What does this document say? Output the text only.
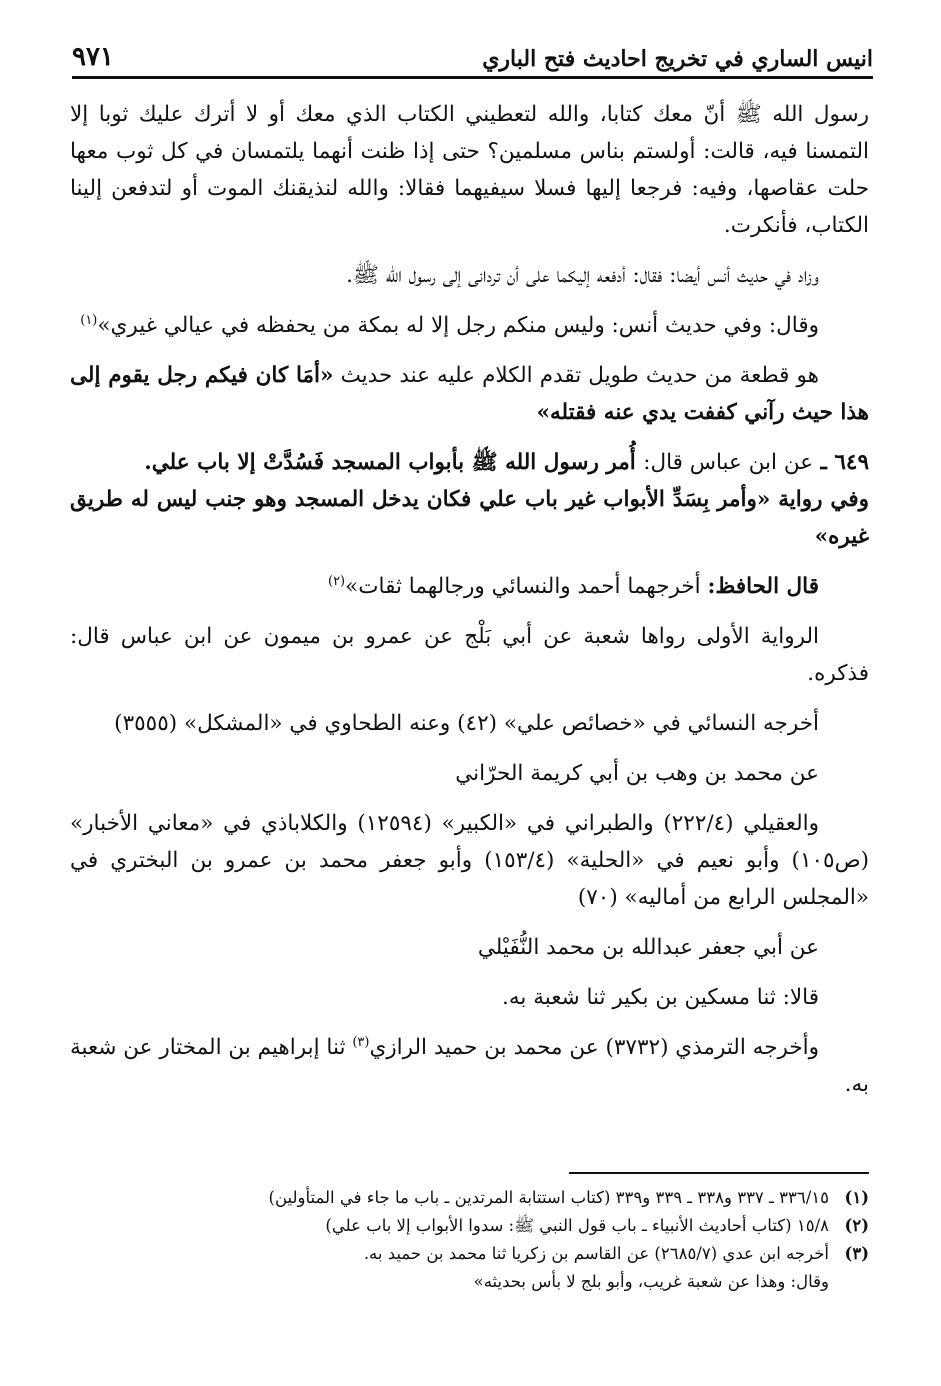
انيس الساري في تخريج احاديث فتح الباري
٩٧١

رسول الله ﷺ أنّ معك كتابا، والله لتعطيني الكتاب الذي معك أو لا أترك عليك ثوبا إلا التمسنا فيه، قالت: أولستم بناس مسلمين؟ حتى إذا ظنت أنهما يلتمسان في كل ثوب معها حلت عقاصها، وفيه: فرجعا إليها فسلا سيفيهما فقالا: والله لنذيقنك الموت أو لتدفعن إلينا الكتاب، فأنكرت.

وزاد في حديث أنس أيضا: فقال: أدفعه إليكما على أن تردانى إلى رسول الله ﷺ.

وقال: وفي حديث أنس: وليس منكم رجل إلا له بمكة من يحفظه في عيالي غيري»$^{(١)}$

هو قطعة من حديث طويل تقدم الكلام عليه عند حديث «أمَا كان فيكم رجل يقوم إلى هذا حيث رآني كففت يدي عنه فقتله»

٦٤٩ ـ عن ابن عباس قال: أُمر رسول الله ﷺ بأبواب المسجد فَسُدَّتْ إلا باب علي.
وفي رواية «وأمر بِسَدِّ الأبواب غير باب علي فكان يدخل المسجد وهو جنب ليس له طريق غيره»

قال الحافظ: أخرجهما أحمد والنسائي ورجالهما ثقات»$^{(٢)}$

الرواية الأولى رواها شعبة عن أبي بَلْج عن عمرو بن ميمون عن ابن عباس قال: فذكره.

أخرجه النسائي في «خصائص علي» (٤٢) وعنه الطحاوي في «المشكل» (٣٥٥٥)

عن محمد بن وهب بن أبي كريمة الحرّاني

والعقيلي (٢٢٢/٤) والطبراني في «الكبير» (١٢٥٩٤) والكلاباذي في «معاني الأخبار» (ص١٠٥) وأبو نعيم في «الحلية» (١٥٣/٤) وأبو جعفر محمد بن عمرو بن البختري في «المجلس الرابع من أماليه» (٧٠)

عن أبي جعفر عبدالله بن محمد النُّفَيْلي

قالا: ثنا مسكين بن بكير ثنا شعبة به.

وأخرجه الترمذي (٣٧٣٢) عن محمد بن حميد الرازي$^{(٣)}$ ثنا إبراهيم بن المختار عن شعبة به.

(١)
٣٣٦/١٥ ـ ٣٣٧ و٣٣٨ ـ ٣٣٩ و٣٣٩ (كتاب استتابة المرتدين ـ باب ما جاء في المتأولين)
(٢)
١٥/٨ (كتاب أحاديث الأنبياء ـ باب قول النبي ﷺ: سدوا الأبواب إلا باب علي)
(٣)
أخرجه ابن عدي (٢٦٨٥/٧) عن القاسم بن زكريا ثنا محمد بن حميد به.
وقال: وهذا عن شعبة غريب، وأبو بلج لا بأس بحديثه»
